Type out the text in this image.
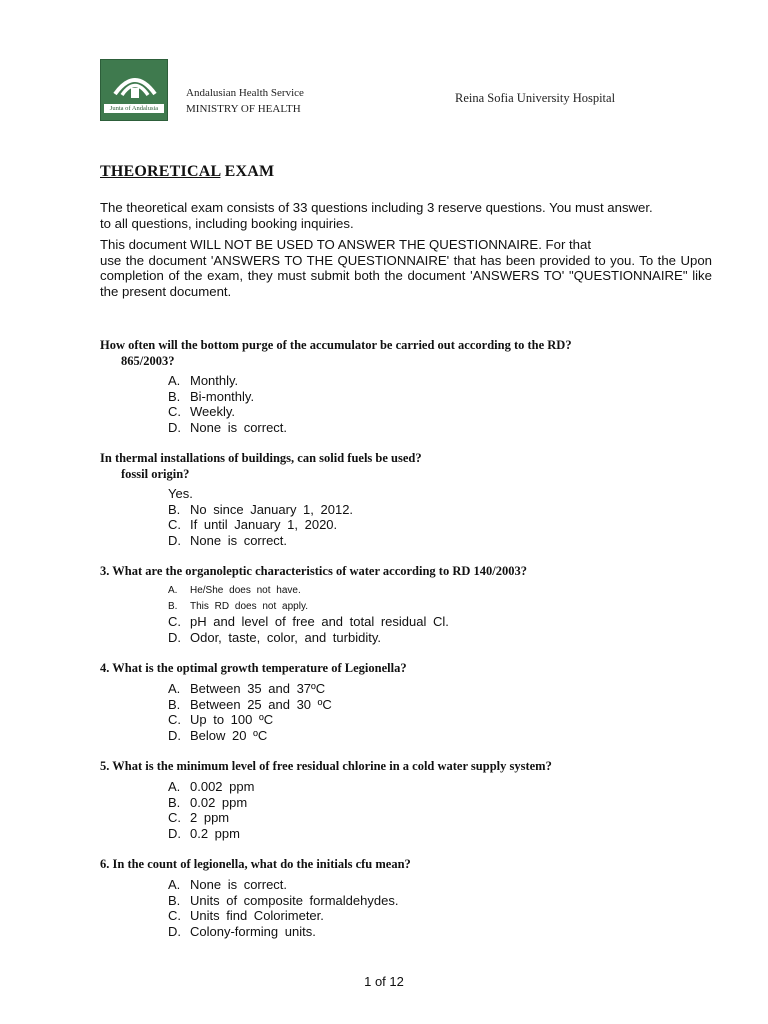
Junta of Andalusia
Andalusian Health Service
MINISTRY OF HEALTH
Reina Sofia University Hospital
THEORETICAL EXAM

The theoretical exam consists of 33 questions including 3 reserve questions. You must answer.
to all questions, including booking inquiries.

This document WILL NOT BE USED TO ANSWER THE QUESTIONNAIRE. For that
use the document 'ANSWERS TO THE QUESTIONNAIRE' that has been provided to you. To the Upon completion of the exam, they must submit both the document 'ANSWERS TO' "QUESTIONNAIRE" like the present document.

How often will the bottom purge of the accumulator be carried out according to the RD?
865/2003?
A. Monthly.
B. Bi-monthly.
C. Weekly.
D. None is correct.
In thermal installations of buildings, can solid fuels be used?
fossil origin?
Yes.
B. No since January 1, 2012.
C. If until January 1, 2020.
D. None is correct.
3. What are the organoleptic characteristics of water according to RD 140/2003?
A. He/She does not have.
B. This RD does not apply.
C. pH and level of free and total residual Cl.
D. Odor, taste, color, and turbidity.
4. What is the optimal growth temperature of Legionella?
A. Between 35 and 37ºC
B. Between 25 and 30 ºC
C. Up to 100 ºC
D. Below 20 ºC
5. What is the minimum level of free residual chlorine in a cold water supply system?
A. 0.002 ppm
B. 0.02 ppm
C. 2 ppm
D. 0.2 ppm
6. In the count of legionella, what do the initials cfu mean?
A. None is correct.
B. Units of composite formaldehydes.
C. Units find Colorimeter.
D. Colony-forming units.
1 of 12
